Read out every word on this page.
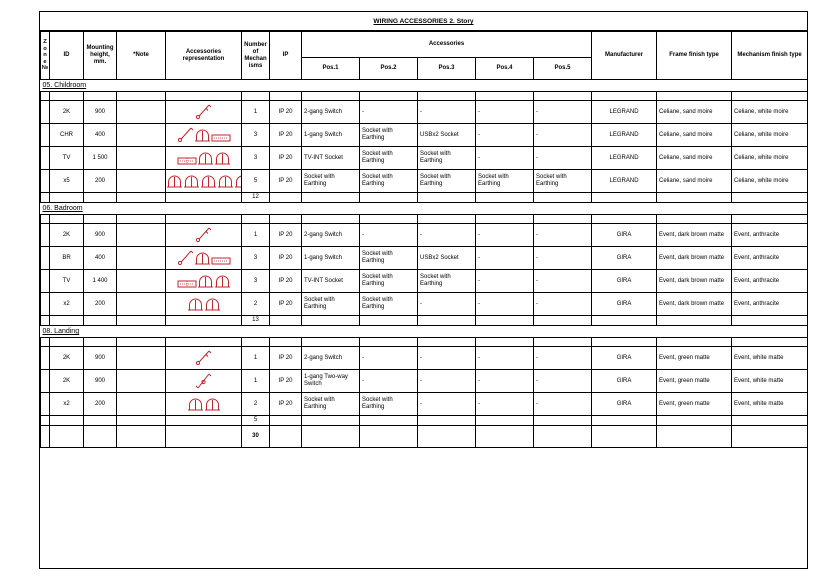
WIRING ACCESSORIES 2. Story
Z
o
n
e
№	ID	Mounting height, mm.	*Note	Accessories representation	Number of Mechan isms	IP	Accessories					Manufacturer	Frame finish type	Mechanism finish type
							Pos.1	Pos.2	Pos.3	Pos.4	Pos.5			
05. Childroom														

	2K	900			1	IP 20	2-gang Switch	-	-	-	-	LEGRAND	Celiane, sand moire	Celiane, white moire
	CHR	400			3	IP 20	1-gang Switch	Socket with Earthing	USBx2 Socket	-	-	LEGRAND	Celiane, sand moire	Celiane, white moire
	TV	1 500			3	IP 20	TV-INT Socket	Socket with Earthing	Socket with Earthing	-	-	LEGRAND	Celiane, sand moire	Celiane, white moire
	x5	200			5	IP 20	Socket with Earthing	Socket with Earthing	Socket with Earthing	Socket with Earthing	Socket with Earthing	LEGRAND	Celiane, sand moire	Celiane, white moire
					12									
06. Badroom														

	2K	900			1	IP 20	2-gang Switch	-	-	-	-	GIRA	Event, dark brown matte	Event, anthracite
	BR	400			3	IP 20	1-gang Switch	Socket with Earthing	USBx2 Socket	-	-	GIRA	Event, dark brown matte	Event, anthracite
	TV	1 400			3	IP 20	TV-INT Socket	Socket with Earthing	Socket with Earthing	-	-	GIRA	Event, dark brown matte	Event, anthracite
	x2	200			2	IP 20	Socket with Earthing	Socket with Earthing	-	-	-	GIRA	Event, dark brown matte	Event, anthracite
					13									
08. Landing														

	2K	900			1	IP 20	2-gang Switch	-	-	-	-	GIRA	Event, green matte	Event, white matte
	2K	900			1	IP 20	1-gang Two-way Switch	-	-	-	-	GIRA	Event, green matte	Event, white matte
	x2	200			2	IP 20	Socket with Earthing	Socket with Earthing	-	-	-	GIRA	Event, green matte	Event, white matte
					5									
					30									
